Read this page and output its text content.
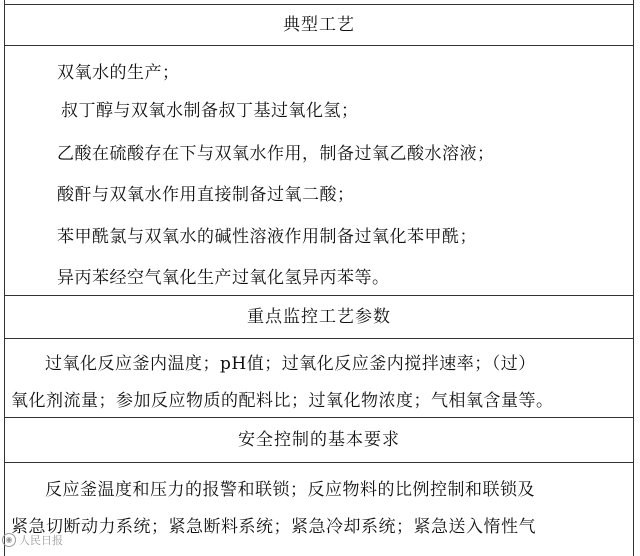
典型工艺
双氧水的生产；
叔丁醇与双氧水制备叔丁基过氧化氢；
乙酸在硫酸存在下与双氧水作用，制备过氧乙酸水溶液；
酸酐与双氧水作用直接制备过氧二酸；
苯甲酰氯与双氧水的碱性溶液作用制备过氧化苯甲酰；
异丙苯经空气氧化生产过氧化氢异丙苯等。
重点监控工艺参数
过氧化反应釜内温度；pH值；过氧化反应釜内搅拌速率；（过）
氧化剂流量；参加反应物质的配料比；过氧化物浓度；气相氧含量等。
安全控制的基本要求
反应釜温度和压力的报警和联锁；反应物料的比例控制和联锁及
紧急切断动力系统；紧急断料系统；紧急冷却系统；紧急送入惰性气
◉ 人民日报
